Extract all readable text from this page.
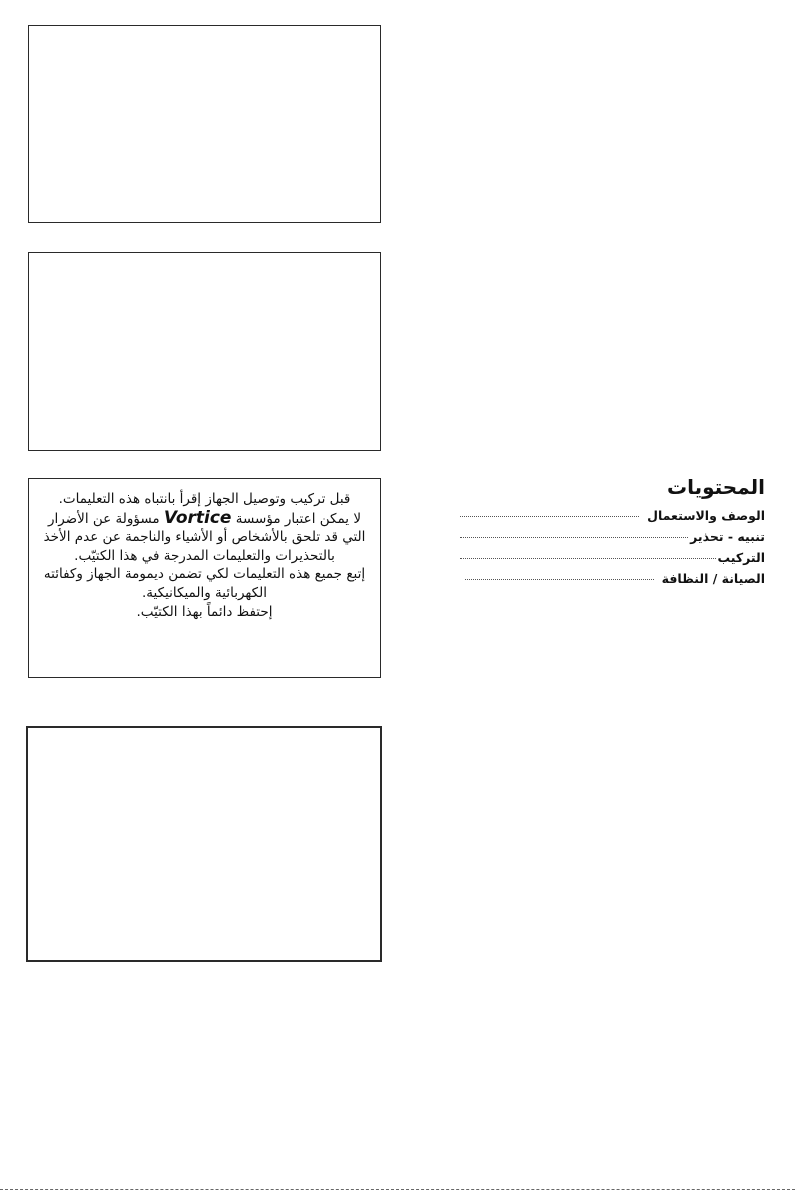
قبل تركيب وتوصيل الجهاز إقرأ بانتباه هذه التعليمات.

لا يمكن اعتبار مؤسسة Vortice مسؤولة عن الأضرار التي قد تلحق بالأشخاص أو الأشياء والناجمة عن عدم الأخذ بالتحذيرات والتعليمات المدرجة في هذا الكتيّب.

إتبع جميع هذه التعليمات لكي تضمن ديمومة الجهاز وكفائته الكهربائية والميكانيكية.

إحتفظ دائماً بهذا الكتيّب.

المحتويات
الوصف والاستعمال
تنبيه - تحذير
التركيب
الصيانة / النظافة
